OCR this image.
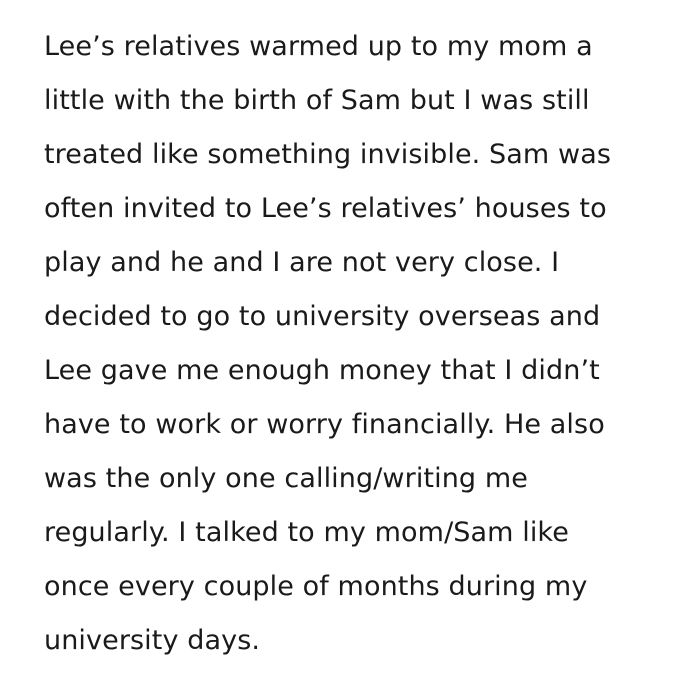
Lee’s relatives warmed up to my mom a
little with the birth of Sam but I was still
treated like something invisible. Sam was
often invited to Lee’s relatives’ houses to
play and he and I are not very close. I
decided to go to university overseas and
Lee gave me enough money that I didn’t
have to work or worry financially. He also
was the only one calling/writing me
regularly. I talked to my mom/Sam like
once every couple of months during my
university days.
